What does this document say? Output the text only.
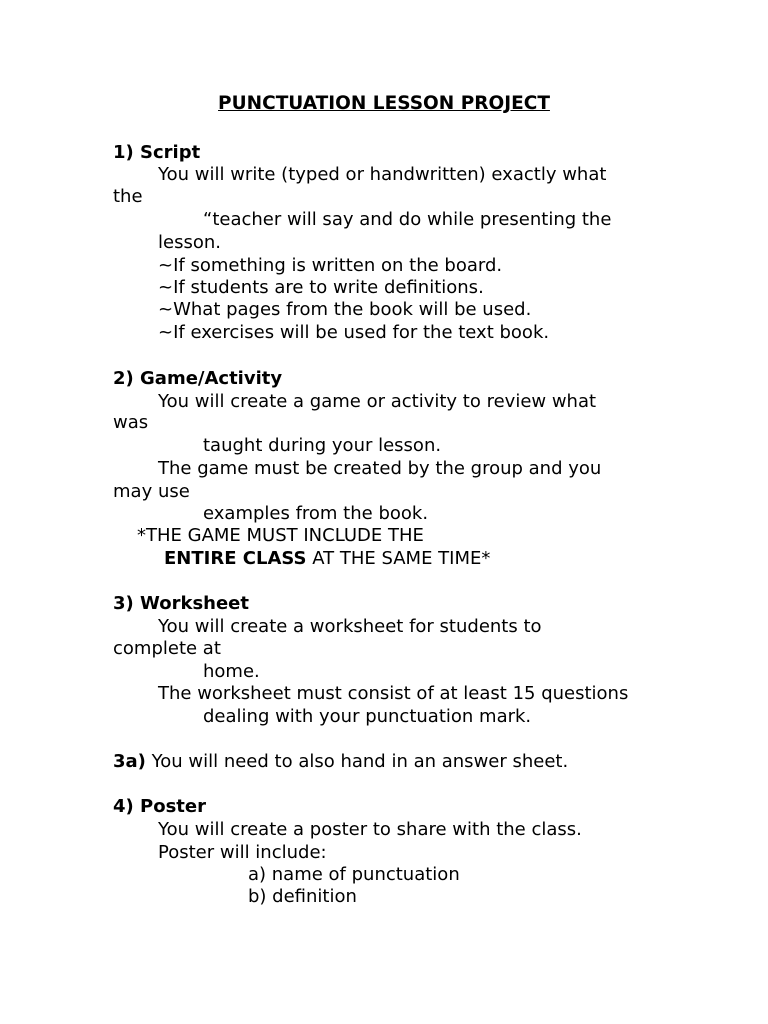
PUNCTUATION LESSON PROJECT
1) Script
You will write (typed or handwritten) exactly what
the
“teacher will say and do while presenting the
lesson.
~If something is written on the board.
~If students are to write definitions.
~What pages from the book will be used.
~If exercises will be used for the text book.
2) Game/Activity
You will create a game or activity to review what
was
taught during your lesson.
The game must be created by the group and you
may use
examples from the book.
*THE GAME MUST INCLUDE THE
ENTIRE CLASS AT THE SAME TIME*
3) Worksheet
You will create a worksheet for students to
complete at
home.
The worksheet must consist of at least 15 questions
dealing with your punctuation mark.
3a) You will need to also hand in an answer sheet.
4) Poster
You will create a poster to share with the class.
Poster will include:
a) name of punctuation
b) definition
